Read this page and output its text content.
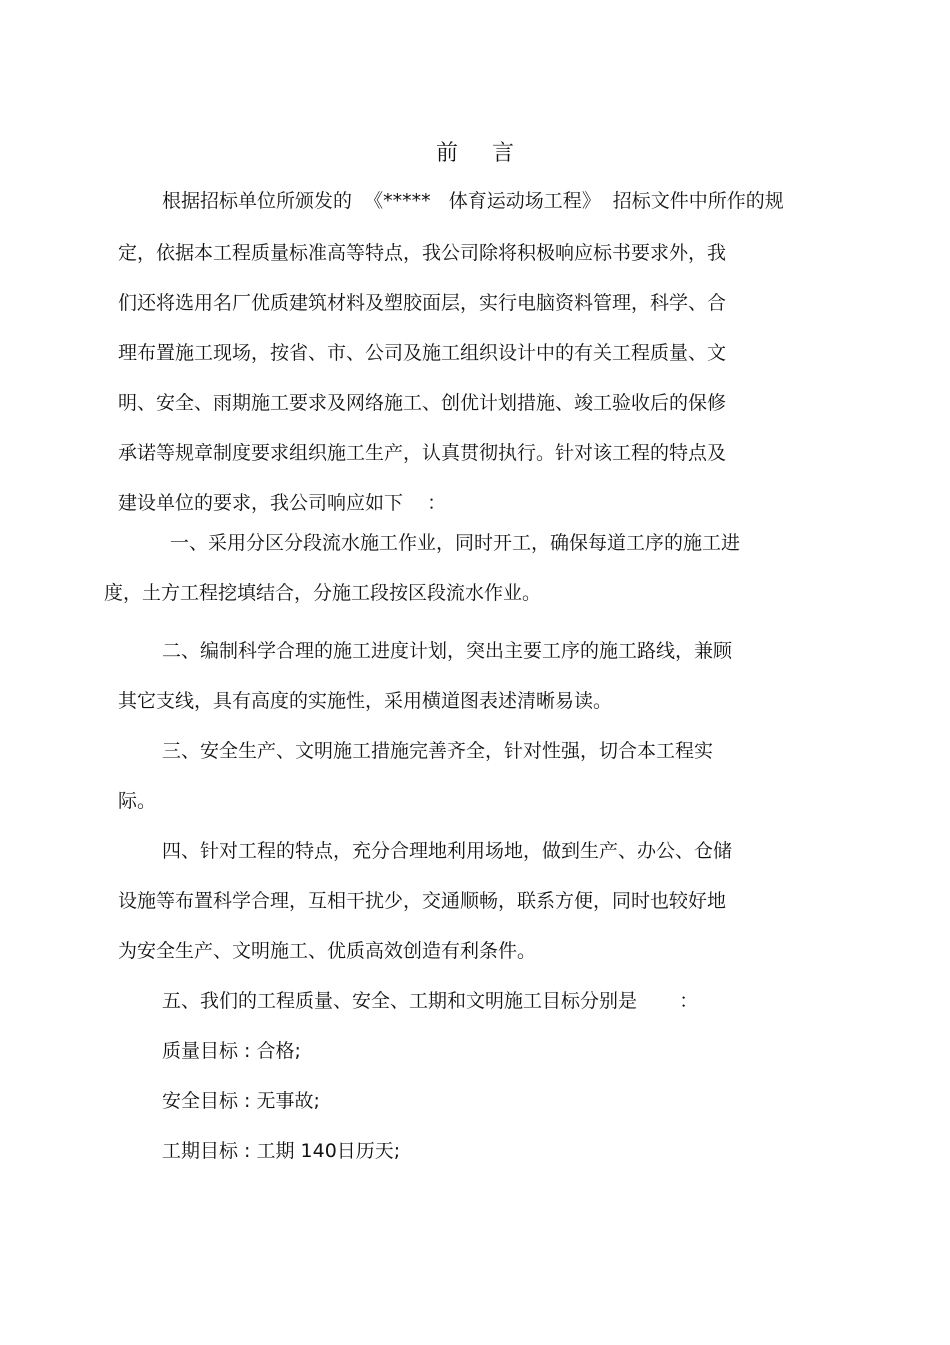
前言
根据招标单位所颁发的  《*****   体育运动场工程》  招标文件中所作的规
定，依据本工程质量标准高等特点，我公司除将积极响应标书要求外，我
们还将选用名厂优质建筑材料及塑胶面层，实行电脑资料管理，科学、合
理布置施工现场，按省、市、公司及施工组织设计中的有关工程质量、文
明、安全、雨期施工要求及网络施工、创优计划措施、竣工验收后的保修
承诺等规章制度要求组织施工生产，认真贯彻执行。针对该工程的特点及
建设单位的要求，我公司响应如下    ：
一、采用分区分段流水施工作业，同时开工，确保每道工序的施工进
度，土方工程挖填结合，分施工段按区段流水作业。
二、编制科学合理的施工进度计划，突出主要工序的施工路线，兼顾
其它支线，具有高度的实施性，采用横道图表述清晰易读。
三、安全生产、文明施工措施完善齐全，针对性强，切合本工程实
际。
四、针对工程的特点，充分合理地利用场地，做到生产、办公、仓储
设施等布置科学合理，互相干扰少，交通顺畅，联系方便，同时也较好地
为安全生产、文明施工、优质高效创造有利条件。
五、我们的工程质量、安全、工期和文明施工目标分别是       ：
质量目标 : 合格;
安全目标 : 无事故;
工期目标 : 工期 140日历天;
